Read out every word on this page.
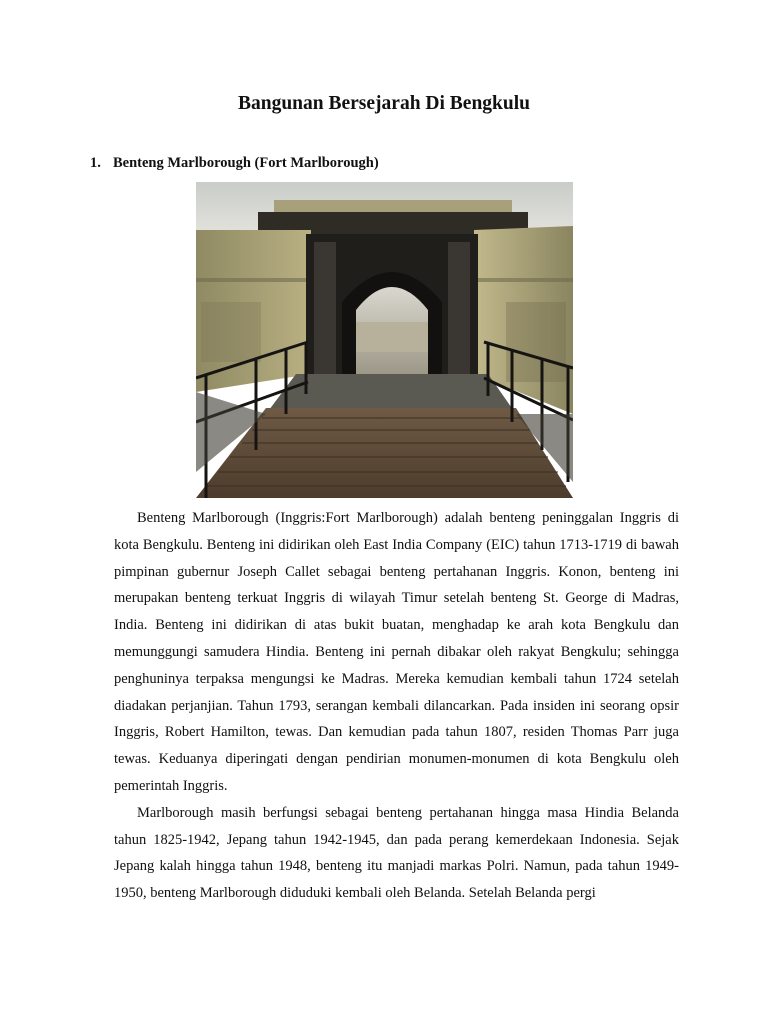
Bangunan Bersejarah Di Bengkulu
1. Benteng Marlborough (Fort Marlborough)

Benteng Marlborough (Inggris:Fort Marlborough) adalah benteng peninggalan Inggris di kota Bengkulu. Benteng ini didirikan oleh East India Company (EIC) tahun 1713-1719 di bawah pimpinan gubernur Joseph Callet sebagai benteng pertahanan Inggris. Konon, benteng ini merupakan benteng terkuat Inggris di wilayah Timur setelah benteng St. George di Madras, India. Benteng ini didirikan di atas bukit buatan, menghadap ke arah kota Bengkulu dan memunggungi samudera Hindia. Benteng ini pernah dibakar oleh rakyat Bengkulu; sehingga penghuninya terpaksa mengungsi ke Madras. Mereka kemudian kembali tahun 1724 setelah diadakan perjanjian. Tahun 1793, serangan kembali dilancarkan. Pada insiden ini seorang opsir Inggris, Robert Hamilton, tewas. Dan kemudian pada tahun 1807, residen Thomas Parr juga tewas. Keduanya diperingati dengan pendirian monumen-monumen di kota Bengkulu oleh pemerintah Inggris.

Marlborough masih berfungsi sebagai benteng pertahanan hingga masa Hindia Belanda tahun 1825-1942, Jepang tahun 1942-1945, dan pada perang kemerdekaan Indonesia. Sejak Jepang kalah hingga tahun 1948, benteng itu manjadi markas Polri. Namun, pada tahun 1949-1950, benteng Marlborough diduduki kembali oleh Belanda. Setelah Belanda pergi
